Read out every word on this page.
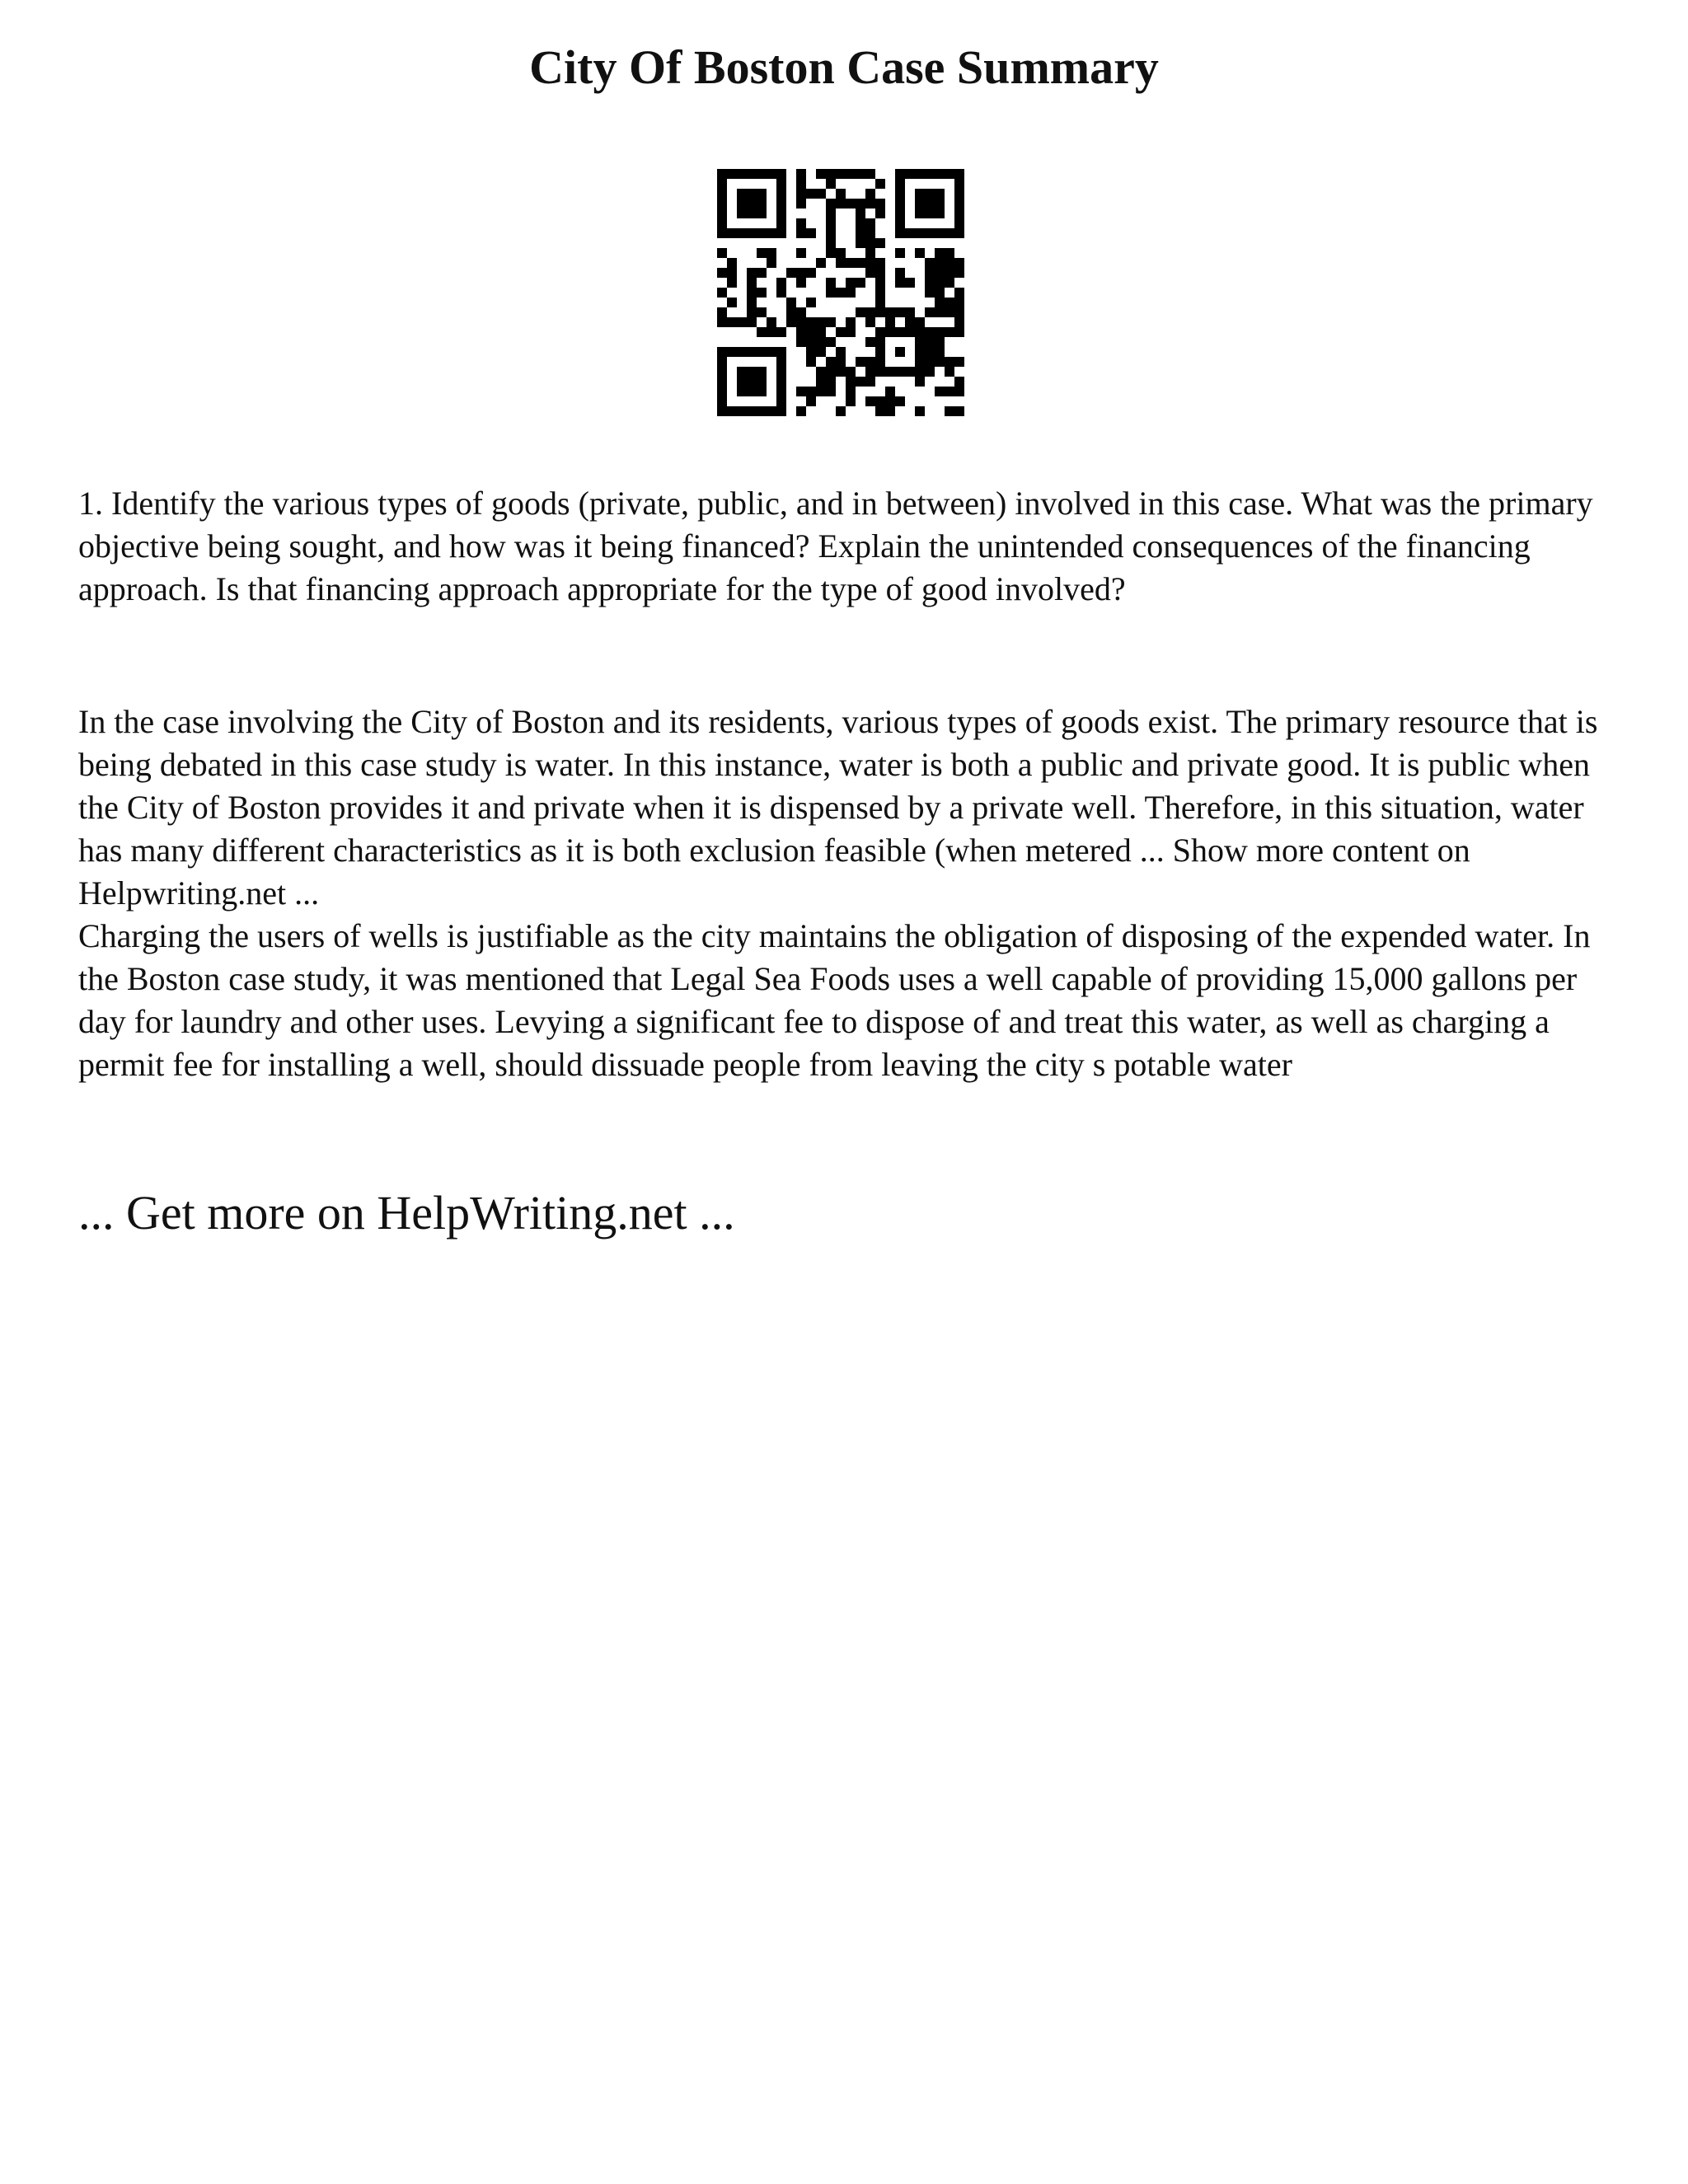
City Of Boston Case Summary

1. Identify the various types of goods (private, public, and in between) involved in this case. What was the primary objective being sought, and how was it being financed? Explain the unintended consequences of the financing approach. Is that financing approach appropriate for the type of good involved?

In the case involving the City of Boston and its residents, various types of goods exist. The primary resource that is being debated in this case study is water. In this instance, water is both a public and private good. It is public when the City of Boston provides it and private when it is dispensed by a private well. Therefore, in this situation, water has many different characteristics as it is both exclusion feasible (when metered ... Show more content on Helpwriting.net ...
Charging the users of wells is justifiable as the city maintains the obligation of disposing of the expended water. In the Boston case study, it was mentioned that Legal Sea Foods uses a well capable of providing 15,000 gallons per day for laundry and other uses. Levying a significant fee to dispose of and treat this water, as well as charging a permit fee for installing a well, should dissuade people from leaving the city s potable water

... Get more on HelpWriting.net ...
